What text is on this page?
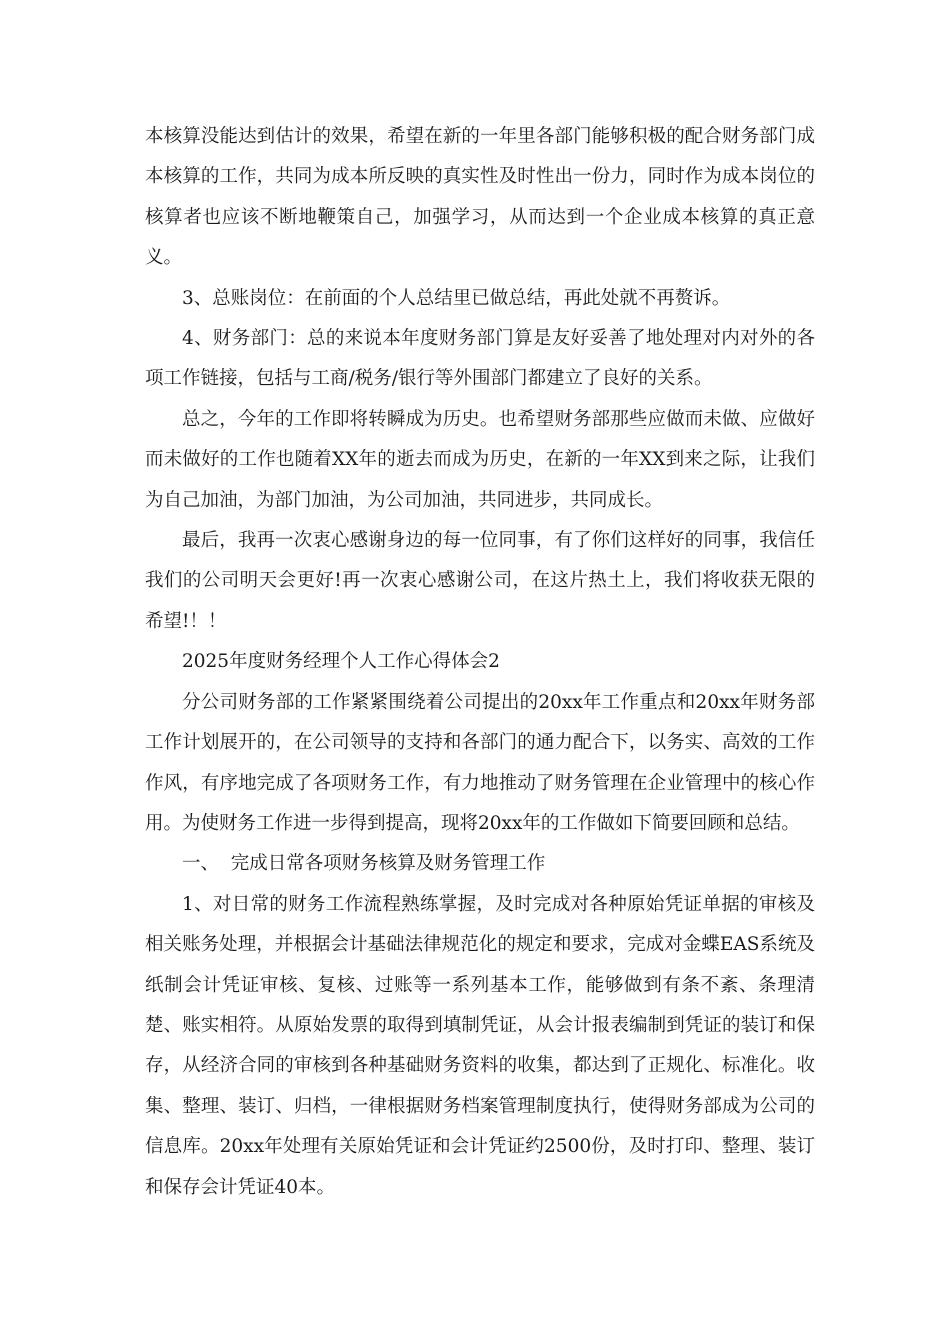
本核算没能达到估计的效果，希望在新的一年里各部门能够积极的配合财务部门成本核算的工作，共同为成本所反映的真实性及时性出一份力，同时作为成本岗位的核算者也应该不断地鞭策自己，加强学习，从而达到一个企业成本核算的真正意义。

3、总账岗位：在前面的个人总结里已做总结，再此处就不再赘诉。

4、财务部门：总的来说本年度财务部门算是友好妥善了地处理对内对外的各项工作链接，包括与工商/税务/银行等外围部门都建立了良好的关系。

总之，今年的工作即将转瞬成为历史。也希望财务部那些应做而未做、应做好而未做好的工作也随着XX年的逝去而成为历史，在新的一年XX到来之际，让我们为自己加油，为部门加油，为公司加油，共同进步，共同成长。

最后，我再一次衷心感谢身边的每一位同事，有了你们这样好的同事，我信任我们的公司明天会更好!再一次衷心感谢公司，在这片热土上，我们将收获无限的希望!！！

2025年度财务经理个人工作心得体会2

分公司财务部的工作紧紧围绕着公司提出的20xx年工作重点和20xx年财务部工作计划展开的，在公司领导的支持和各部门的通力配合下，以务实、高效的工作作风，有序地完成了各项财务工作，有力地推动了财务管理在企业管理中的核心作用。为使财务工作进一步得到提高，现将20xx年的工作做如下简要回顾和总结。

一、  完成日常各项财务核算及财务管理工作

1、对日常的财务工作流程熟练掌握，及时完成对各种原始凭证单据的审核及相关账务处理，并根据会计基础法律规范化的规定和要求，完成对金蝶EAS系统及纸制会计凭证审核、复核、过账等一系列基本工作，能够做到有条不紊、条理清楚、账实相符。从原始发票的取得到填制凭证，从会计报表编制到凭证的装订和保存，从经济合同的审核到各种基础财务资料的收集，都达到了正规化、标准化。收集、整理、装订、归档，一律根据财务档案管理制度执行，使得财务部成为公司的信息库。20xx年处理有关原始凭证和会计凭证约2500份，及时打印、整理、装订和保存会计凭证40本。
